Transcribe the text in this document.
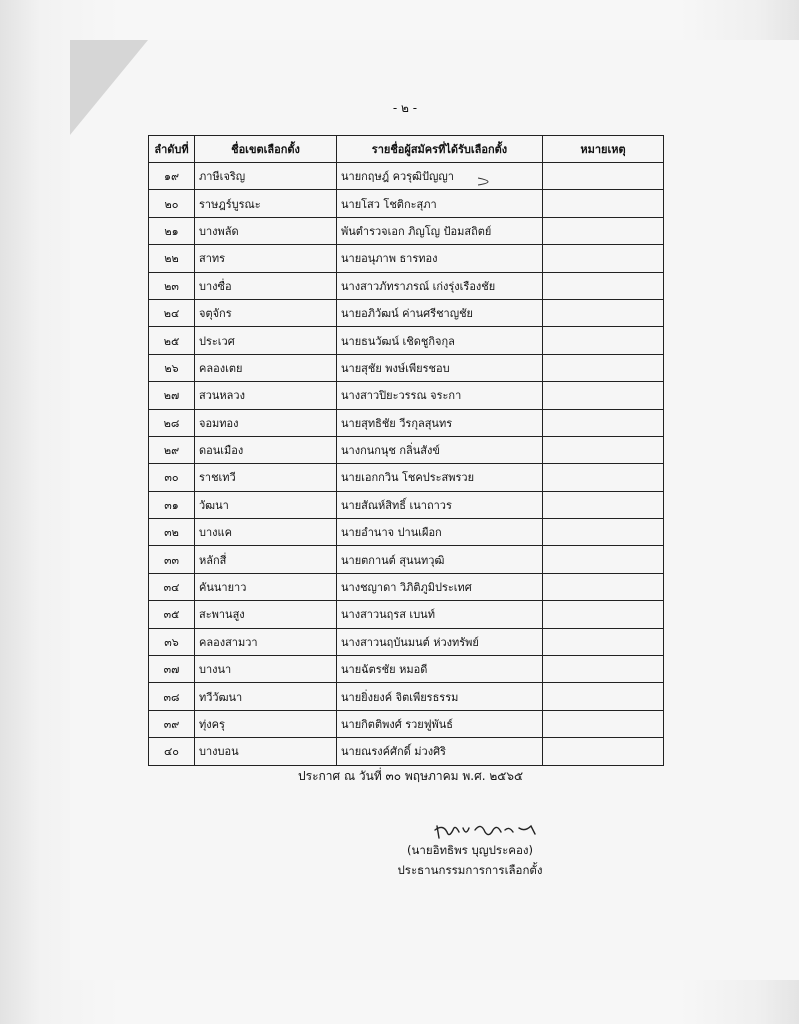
- ๒ -
ลำดับที่	ชื่อเขตเลือกตั้ง	รายชื่อผู้สมัครที่ได้รับเลือกตั้ง	หมายเหตุ
๑๙	ภาษีเจริญ	นายกฤษฎ์ ควรุฒิปัญญา	
๒๐	ราษฎร์บูรณะ	นายโสว โชติกะสุภา	
๒๑	บางพลัด	พันตำรวจเอก ภิญโญ ป้อมสถิตย์	
๒๒	สาทร	นายอนุภาพ ธารทอง	
๒๓	บางซื่อ	นางสาวภัทราภรณ์ เก่งรุ่งเรืองชัย	
๒๔	จตุจักร	นายอภิวัฒน์ ค่านศรีชาญชัย	
๒๕	ประเวศ	นายธนวัฒน์ เชิดชูกิจกุล	
๒๖	คลองเตย	นายสุชัย พงษ์เพียรชอบ	
๒๗	สวนหลวง	นางสาวปิยะวรรณ จระกา	
๒๘	จอมทอง	นายสุทธิชัย วีรกุลสุนทร	
๒๙	ดอนเมือง	นางกนกนุช กลิ่นสังข์	
๓๐	ราชเทวี	นายเอกกวิน โชคประสพรวย	
๓๑	วัฒนา	นายสัณห์สิทธิ์ เนาถาวร	
๓๒	บางแค	นายอำนาจ ปานเผือก	
๓๓	หลักสี่	นายตกานต์ สุนนทวุฒิ	
๓๔	คันนายาว	นางชญาดา วิภิติภูมิประเทศ	
๓๕	สะพานสูง	นางสาวนฤรส เบนท์	
๓๖	คลองสามวา	นางสาวนฤบันมนต์ ห่วงทรัพย์	
๓๗	บางนา	นายฉัตรชัย หมอดี	
๓๘	ทวีวัฒนา	นายยิ่งยงค์ จิตเพียรธรรม	
๓๙	ทุ่งครุ	นายกิตติพงศ์ รวยฟูพันธ์	
๔๐	บางบอน	นายณรงค์ศักดิ์ ม่วงศิริ	
ประกาศ ณ วันที่ ๓๐ พฤษภาคม พ.ศ. ๒๕๖๕
(นายอิทธิพร บุญประคอง)
ประธานกรรมการการเลือกตั้ง
